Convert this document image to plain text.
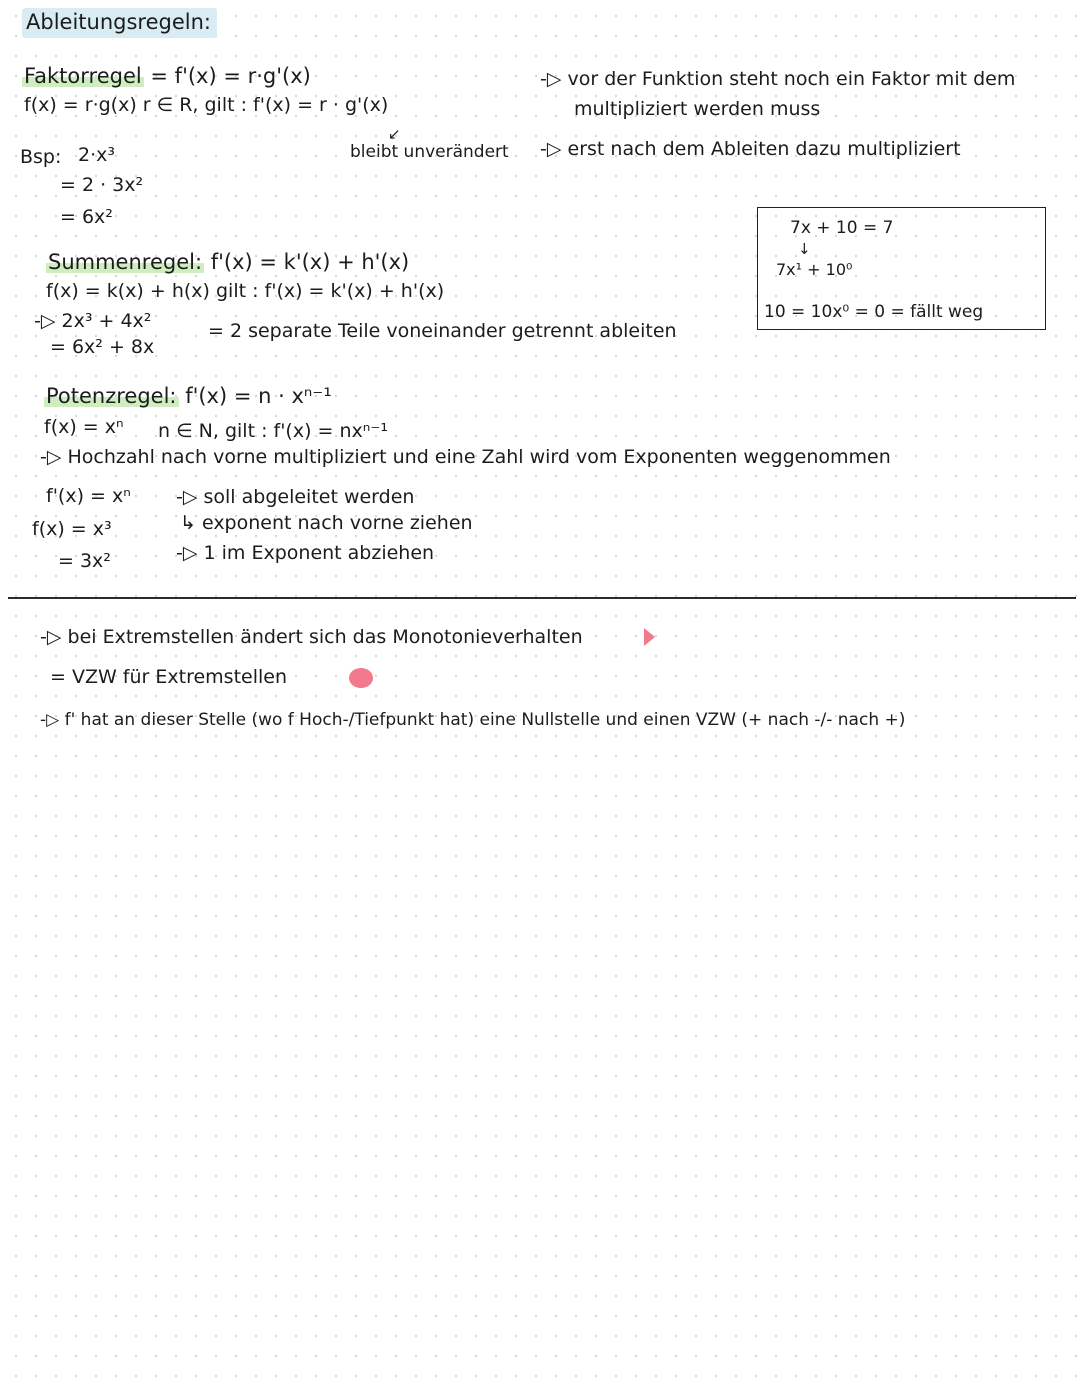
Ableitungsregeln:
Faktorregel = f'(x) = r·g'(x)
f(x) = r·g(x) r ∈ R, gilt : f'(x) = r · g'(x)
bleibt unverändert
↙
-▷ vor der Funktion steht noch ein Faktor mit dem
multipliziert werden muss
-▷ erst nach dem Ableiten dazu multipliziert
Bsp: 2·x³
= 2 · 3x²
= 6x²
Summenregel: f'(x) = k'(x) + h'(x)
f(x) = k(x) + h(x) gilt : f'(x) = k'(x) + h'(x)
-▷ 2x³ + 4x²
= 6x² + 8x
= 2 separate Teile voneinander getrennt ableiten
7x + 10 = 7
↓
7x¹ + 10⁰
10 = 10x⁰ = 0 = fällt weg
Potenzregel: f'(x) = n · xⁿ⁻¹
f(x) = xⁿ n ∈ N, gilt : f'(x) = nxⁿ⁻¹
-▷ Hochzahl nach vorne multipliziert und eine Zahl wird vom Exponenten weggenommen
f'(x) = xⁿ -▷ soll abgeleitet werden
↳ exponent nach vorne ziehen
-▷ 1 im Exponent abziehen
f(x) = x³
= 3x²
-▷ bei Extremstellen ändert sich das Monotonieverhalten
= VZW für Extremstellen
-▷ f' hat an dieser Stelle (wo f Hoch-/Tiefpunkt hat) eine Nullstelle und einen VZW (+ nach -/- nach +)
